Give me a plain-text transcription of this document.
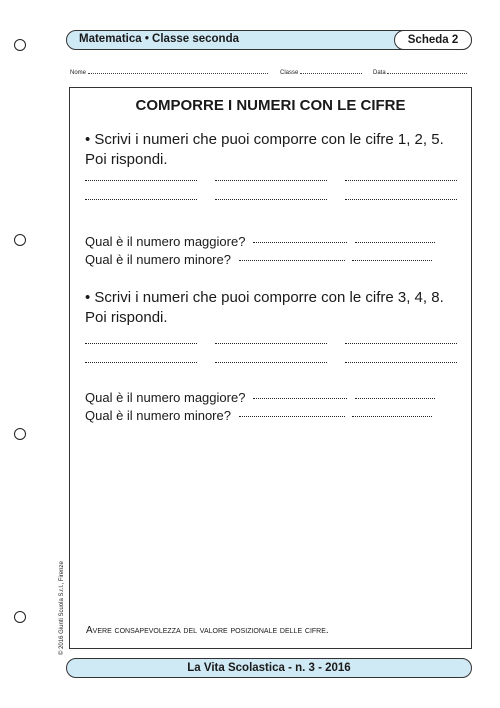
Matematica • Classe seconda	Scheda 2
Nome	Classe	Data
COMPORRE I NUMERI CON LE CIFRE
• Scrivi i numeri che puoi comporre con le cifre 1, 2, 5. Poi rispondi.
Qual è il numero maggiore?
Qual è il numero minore?
• Scrivi i numeri che puoi comporre con le cifre 3, 4, 8. Poi rispondi.
Qual è il numero maggiore?
Qual è il numero minore?
Avere consapevolezza del valore posizionale delle cifre.
© 2016 Giunti Scuola S.r.l., Firenze
La Vita Scolastica - n. 3 - 2016
